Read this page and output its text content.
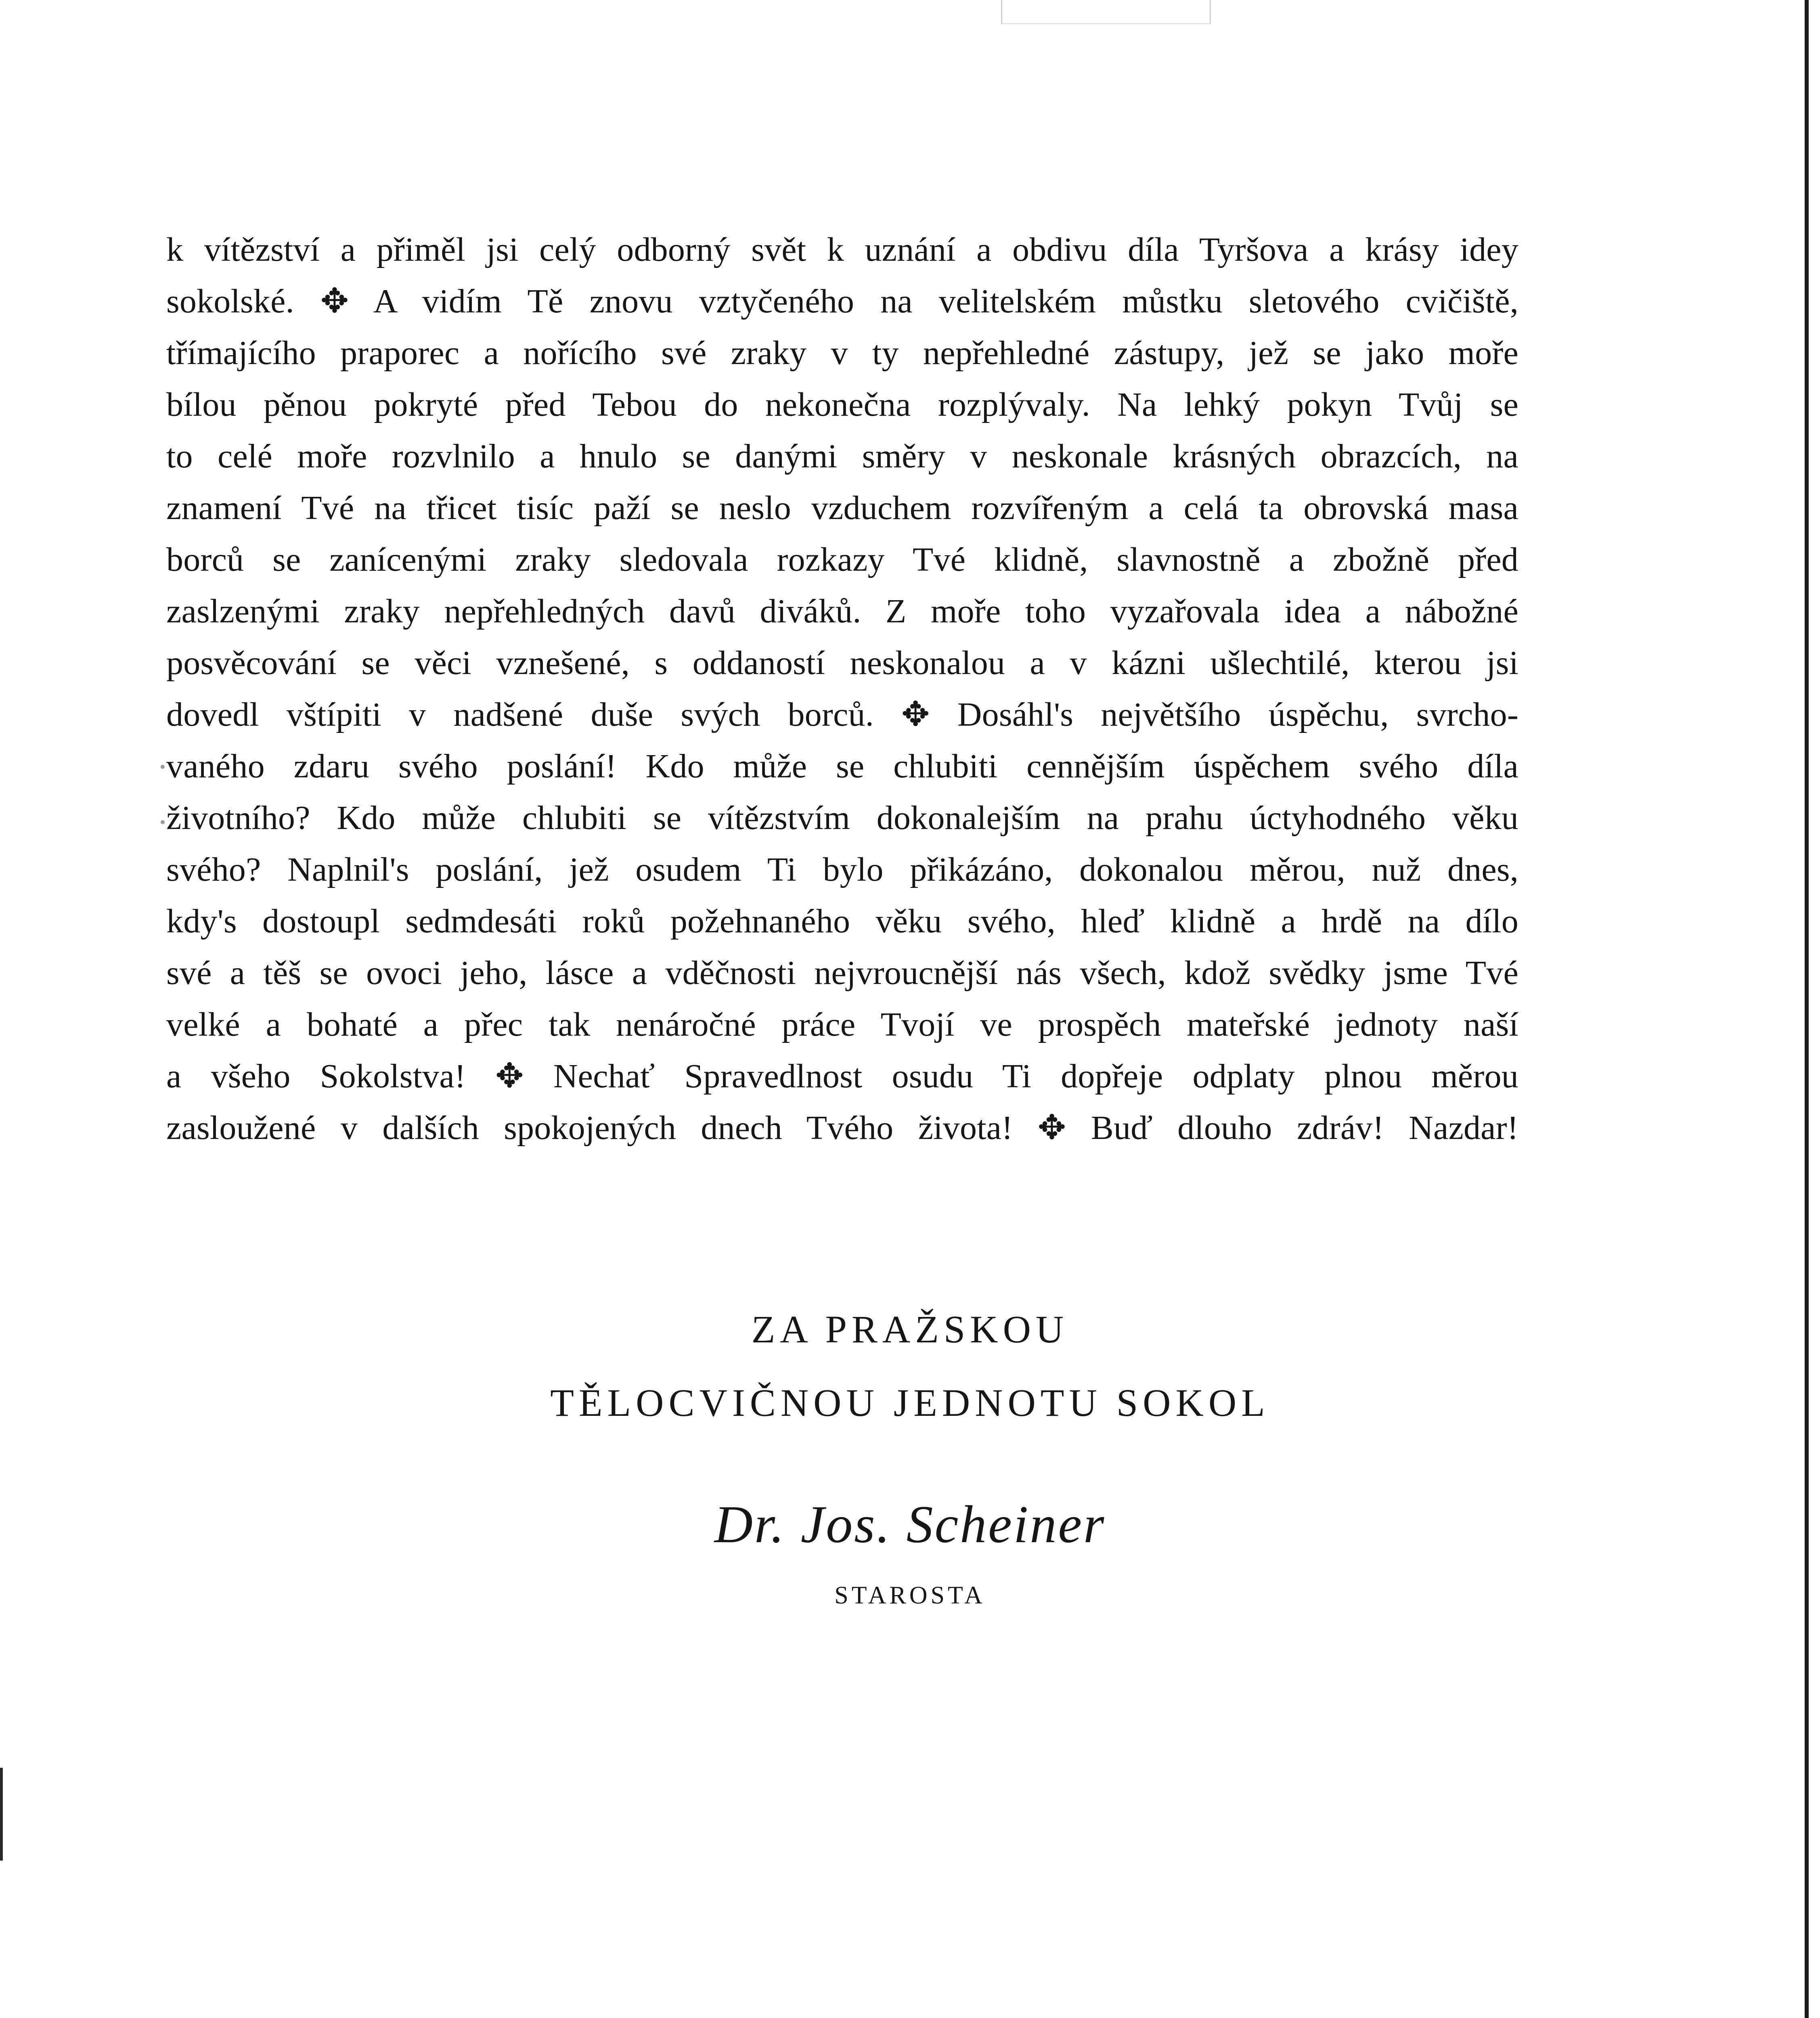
k vítězství a přiměl jsi celý odborný svět k uznání a obdivu díla Tyršova a krásy idey
sokolské. ✥ A vidím Tě znovu vztyčeného na velitelském můstku sletového cvičiště,
třímajícího praporec a nořícího své zraky v ty nepřehledné zástupy, jež se jako moře
bílou pěnou pokryté před Tebou do nekonečna rozplývaly. Na lehký pokyn Tvůj se
to celé moře rozvlnilo a hnulo se danými směry v neskonale krásných obrazcích, na
znamení Tvé na třicet tisíc paží se neslo vzduchem rozvířeným a celá ta obrovská masa
borců se zanícenými zraky sledovala rozkazy Tvé klidně, slavnostně a zbožně před
zaslzenými zraky nepřehledných davů diváků. Z moře toho vyzařovala idea a nábožné
posvěcování se věci vznešené, s oddaností neskonalou a v kázni ušlechtilé, kterou jsi
dovedl vštípiti v nadšené duše svých borců. ✥ Dosáhl's největšího úspěchu, svrcho-
vaného zdaru svého poslání! Kdo může se chlubiti cennějším úspěchem svého díla
životního? Kdo může chlubiti se vítězstvím dokonalejším na prahu úctyhodného věku
svého? Naplnil's poslání, jež osudem Ti bylo přikázáno, dokonalou měrou, nuž dnes,
kdy's dostoupl sedmdesáti roků požehnaného věku svého, hleď klidně a hrdě na dílo
své a těš se ovoci jeho, lásce a vděčnosti nejvroucnější nás všech, kdož svědky jsme Tvé
velké a bohaté a přec tak nenáročné práce Tvojí ve prospěch mateřské jednoty naší
a všeho Sokolstva! ✥ Nechať Spravedlnost osudu Ti dopřeje odplaty plnou měrou
zasloužené v dalších spokojených dnech Tvého života! ✥ Buď dlouho zdráv! Nazdar!
ZA PRAŽSKOU
TĚLOCVIČNOU JEDNOTU SOKOL
Dr. Jos. Scheiner
STAROSTA
